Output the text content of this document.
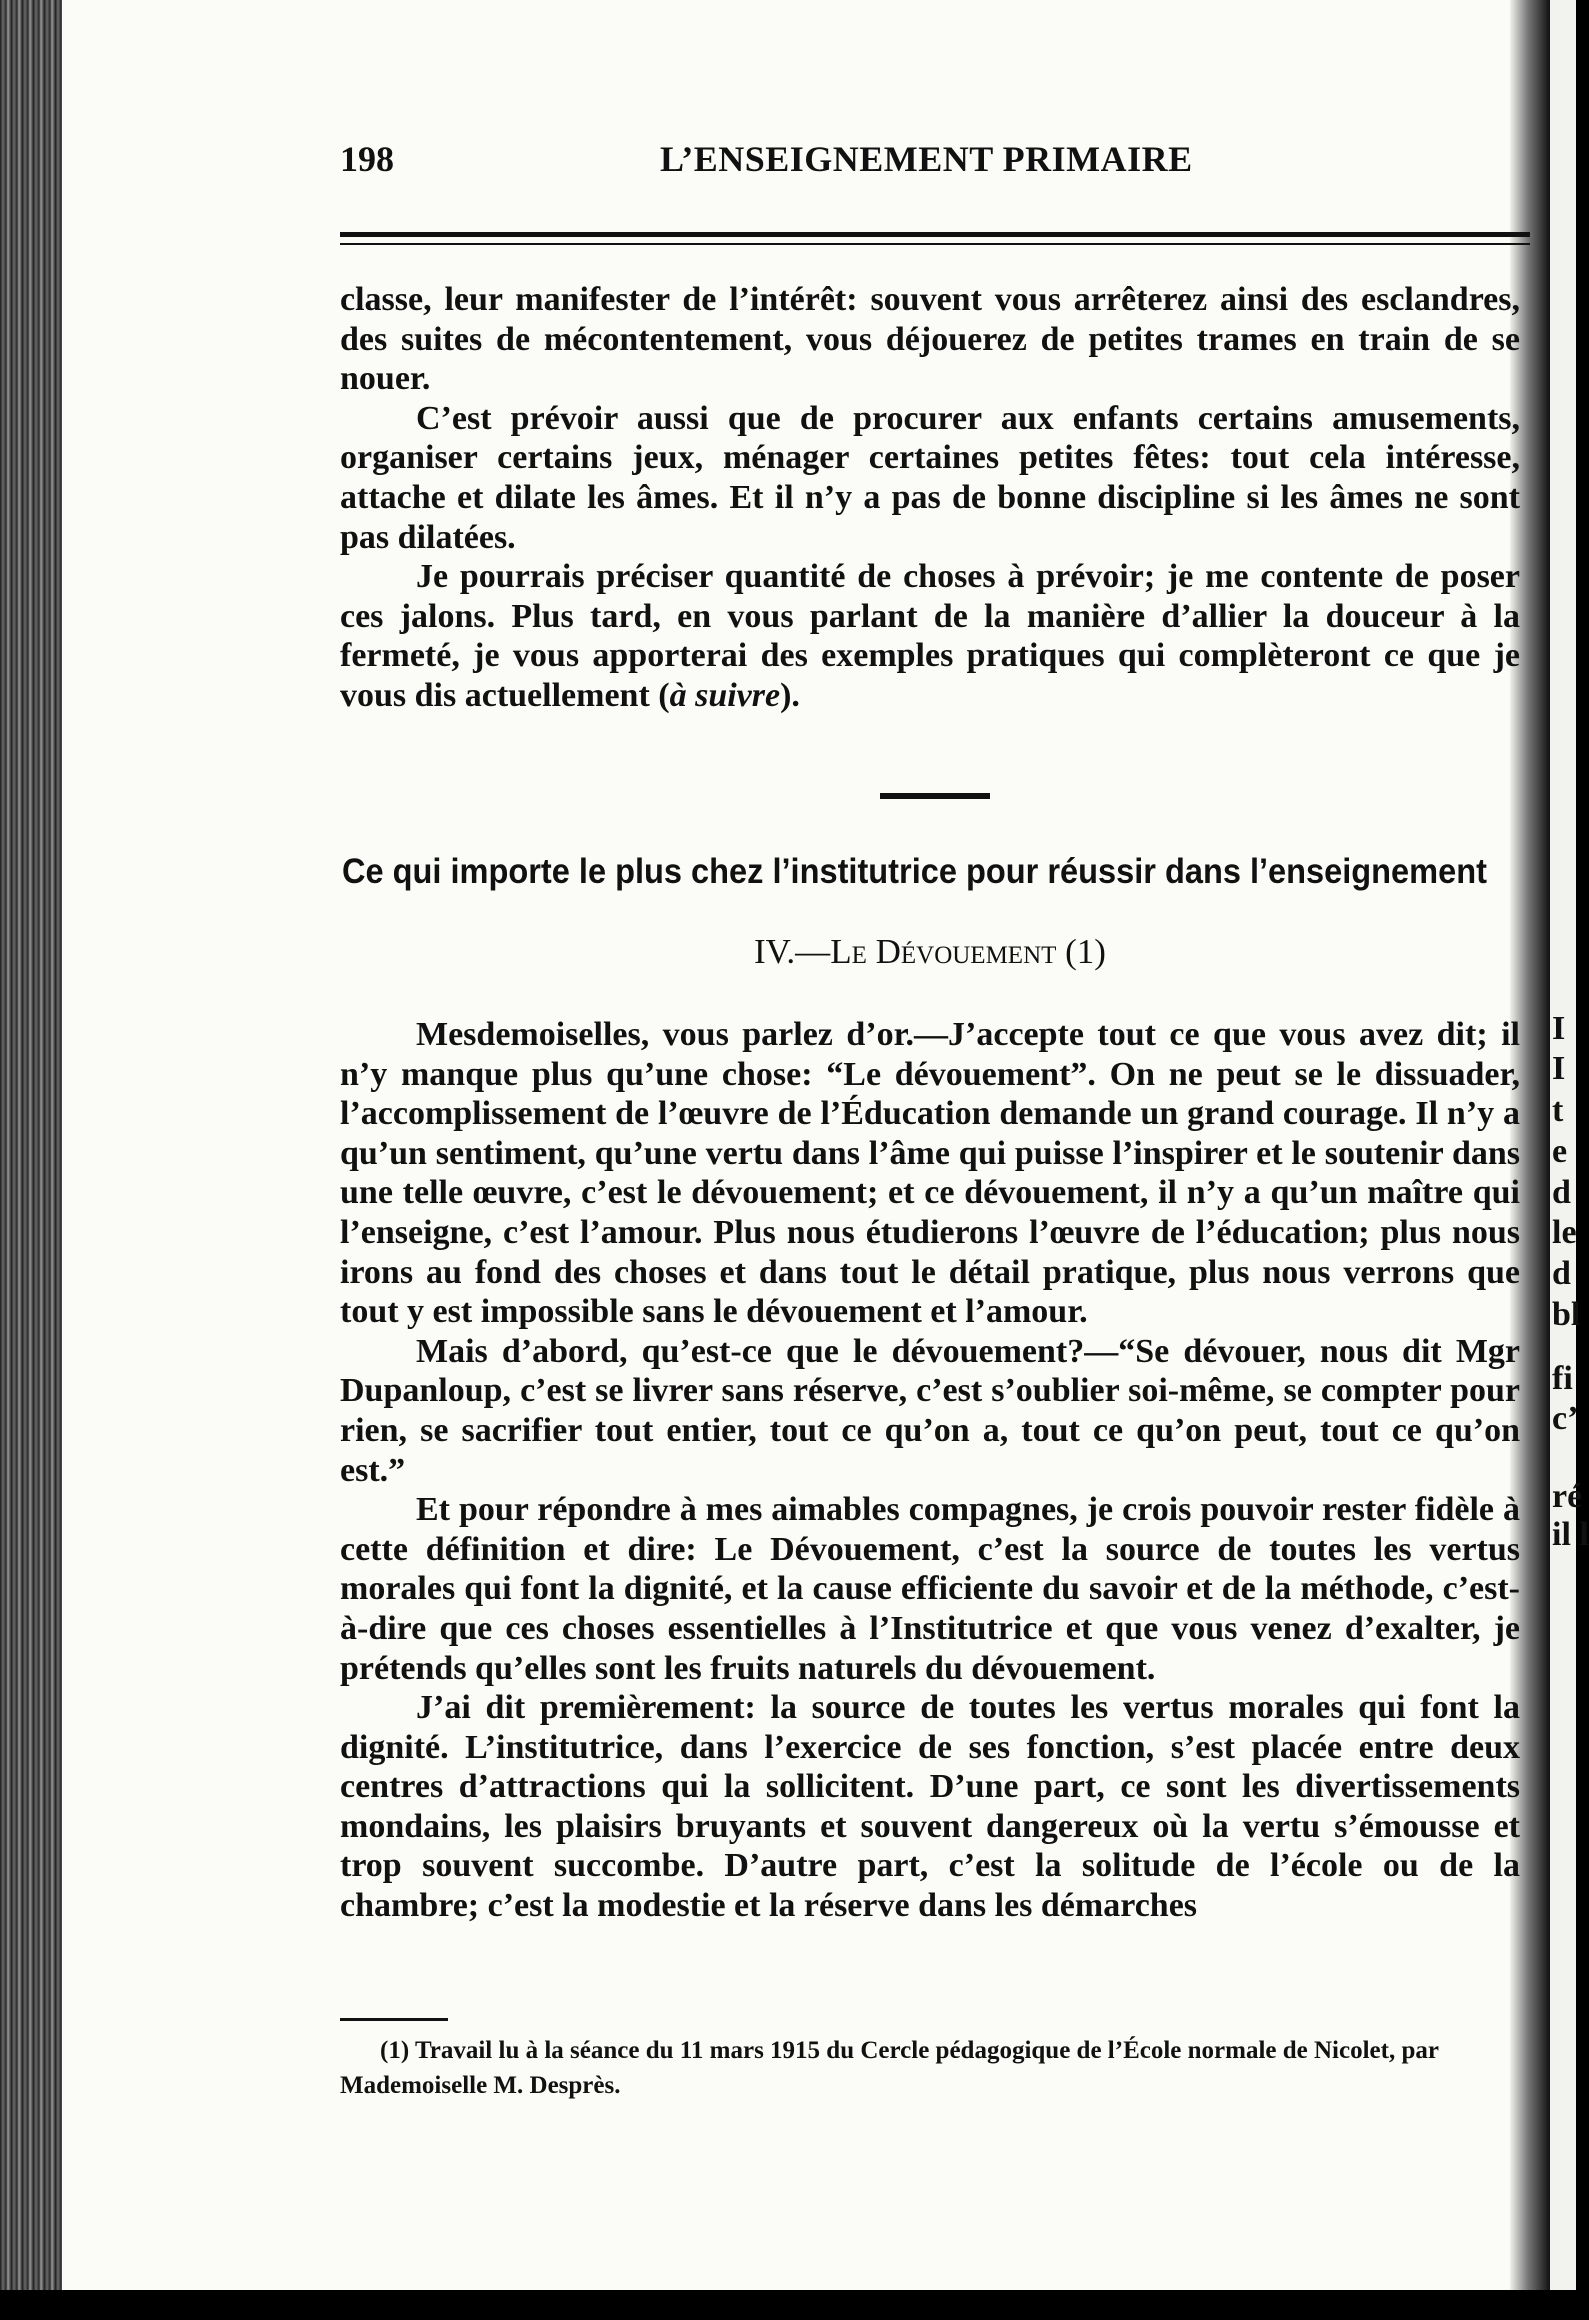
I
I
t
e
d
le
d
bl
fi
c’
ré
il l
198	L’ENSEIGNEMENT PRIMAIRE

classe, leur manifester de l’intérêt: souvent vous arrêterez ainsi des esclandres, des suites de mécontentement, vous déjouerez de petites trames en train de se nouer.

C’est prévoir aussi que de procurer aux enfants certains amusements, organiser certains jeux, ménager certaines petites fêtes: tout cela intéresse, attache et dilate les âmes. Et il n’y a pas de bonne discipline si les âmes ne sont pas dilatées.

Je pourrais préciser quantité de choses à prévoir; je me contente de poser ces jalons. Plus tard, en vous parlant de la manière d’allier la douceur à la fermeté, je vous apporterai des exemples pratiques qui complèteront ce que je vous dis actuellement (à suivre).

Ce qui importe le plus chez l’institutrice pour réussir dans l’enseignement
IV.—Le Dévouement (1)

Mesdemoiselles, vous parlez d’or.—J’accepte tout ce que vous avez dit; il n’y manque plus qu’une chose: “Le dévouement”. On ne peut se le dissuader, l’accomplissement de l’œuvre de l’Éducation demande un grand courage. Il n’y a qu’un sentiment, qu’une vertu dans l’âme qui puisse l’inspirer et le soutenir dans une telle œuvre, c’est le dévouement; et ce dévouement, il n’y a qu’un maître qui l’enseigne, c’est l’amour. Plus nous étudierons l’œuvre de l’éducation; plus nous irons au fond des choses et dans tout le détail pratique, plus nous verrons que tout y est impossible sans le dévouement et l’amour.

Mais d’abord, qu’est-ce que le dévouement?—“Se dévouer, nous dit Mgr Dupanloup, c’est se livrer sans réserve, c’est s’oublier soi-même, se compter pour rien, se sacrifier tout entier, tout ce qu’on a, tout ce qu’on peut, tout ce qu’on est.”

Et pour répondre à mes aimables compagnes, je crois pouvoir rester fidèle à cette définition et dire: Le Dévouement, c’est la source de toutes les vertus morales qui font la dignité, et la cause efficiente du savoir et de la méthode, c’est-à-dire que ces choses essentielles à l’Institutrice et que vous venez d’exalter, je prétends qu’elles sont les fruits naturels du dévouement.

J’ai dit premièrement: la source de toutes les vertus morales qui font la dignité. L’institutrice, dans l’exercice de ses fonction, s’est placée entre deux centres d’attractions qui la sollicitent. D’une part, ce sont les divertissements mondains, les plaisirs bruyants et souvent dangereux où la vertu s’émousse et trop souvent succombe. D’autre part, c’est la solitude de l’école ou de la chambre; c’est la modestie et la réserve dans les démarches

(1) Travail lu à la séance du 11 mars 1915 du Cercle pédagogique de l’École normale de Nicolet, par Mademoiselle M. Desprès.
